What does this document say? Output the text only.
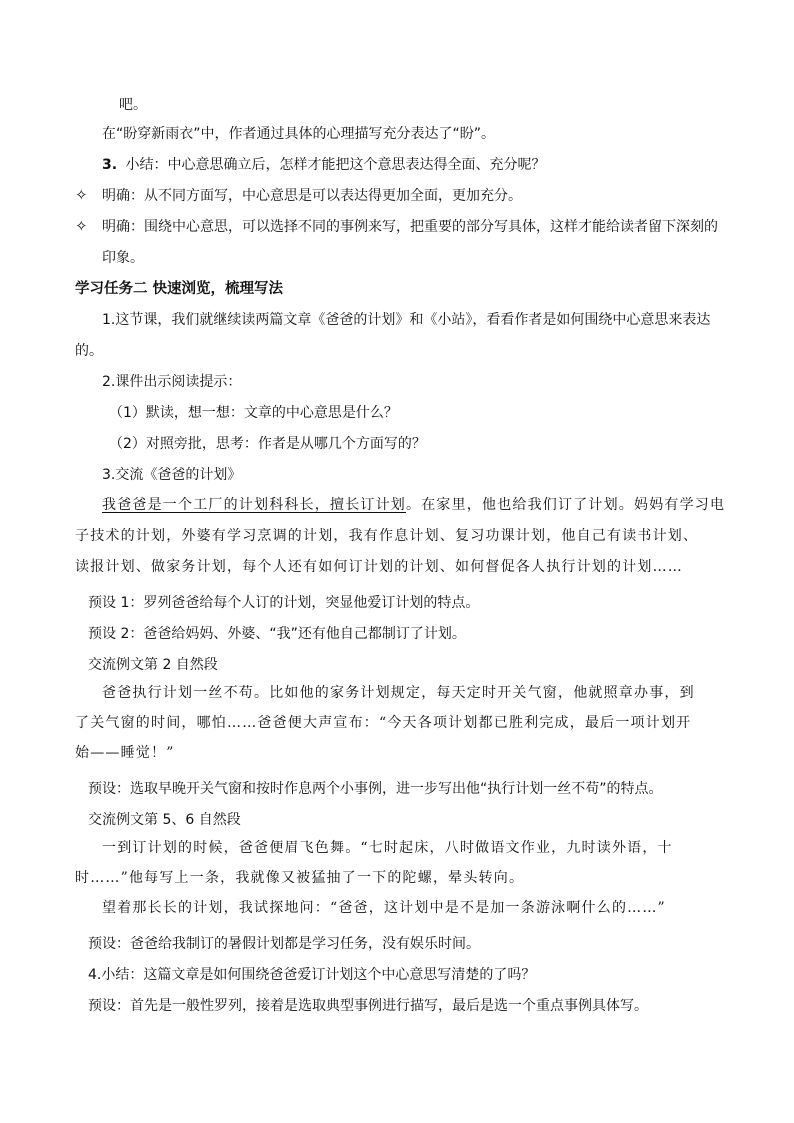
吧。
在“盼穿新雨衣”中，作者通过具体的心理描写充分表达了“盼”。
3. 小结：中心意思确立后，怎样才能把这个意思表达得全面、充分呢？
✧ 明确：从不同方面写，中心意思是可以表达得更加全面，更加充分。
✧ 明确：围绕中心意思，可以选择不同的事例来写，把重要的部分写具体，这样才能给读者留下深刻的
印象。
学习任务二 快速浏览，梳理写法
1.这节课，我们就继续读两篇文章《爸爸的计划》和《小站》，看看作者是如何围绕中心意思来表达
的。
2.课件出示阅读提示：
（1）默读，想一想：文章的中心意思是什么？
（2）对照旁批，思考：作者是从哪几个方面写的？
3.交流《爸爸的计划》
我爸爸是一个工厂的计划科科长，擅长订计划。在家里，他也给我们订了计划。妈妈有学习电
子技术的计划，外婆有学习烹调的计划，我有作息计划、复习功课计划，他自己有读书计划、
读报计划、做家务计划，每个人还有如何订计划的计划、如何督促各人执行计划的计划……
预设 1：罗列爸爸给每个人订的计划，突显他爱订计划的特点。
预设 2：爸爸给妈妈、外婆、“我”还有他自己都制订了计划。
交流例文第 2 自然段
爸爸执行计划一丝不苟。比如他的家务计划规定，每天定时开关气窗，他就照章办事，到
了关气窗的时间，哪怕……爸爸便大声宣布：“今天各项计划都已胜利完成，最后一项计划开
始——睡觉！”
预设：选取早晚开关气窗和按时作息两个小事例，进一步写出他“执行计划一丝不苟”的特点。
交流例文第 5、6 自然段
一到订计划的时候，爸爸便眉飞色舞。“七时起床，八时做语文作业，九时读外语，十
时……”他每写上一条，我就像又被猛抽了一下的陀螺，晕头转向。
望着那长长的计划，我试探地问：“爸爸，这计划中是不是加一条游泳啊什么的……”
预设：爸爸给我制订的暑假计划都是学习任务，没有娱乐时间。
4.小结：这篇文章是如何围绕爸爸爱订计划这个中心意思写清楚的了吗？
预设：首先是一般性罗列，接着是选取典型事例进行描写，最后是选一个重点事例具体写。
